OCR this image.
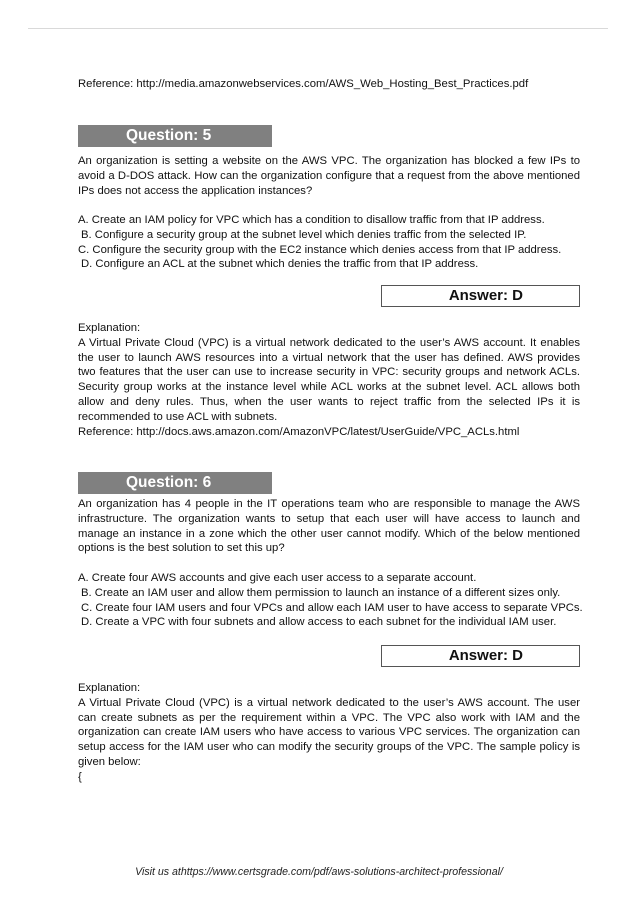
Reference: http://media.amazonwebservices.com/AWS_Web_Hosting_Best_Practices.pdf

Question: 5

An organization is setting a website on the AWS VPC. The organization has blocked a few IPs to avoid a D-DOS attack. How can the organization configure that a request from the above mentioned IPs does not access the application instances?

A. Create an IAM policy for VPC which has a condition to disallow traffic from that IP address.

B. Configure a security group at the subnet level which denies traffic from the selected IP.

C. Configure the security group with the EC2 instance which denies access from that IP address.

D. Configure an ACL at the subnet which denies the traffic from that IP address.

Answer: D

Explanation:

A Virtual Private Cloud (VPC) is a virtual network dedicated to the user’s AWS account. It enables the user to launch AWS resources into a virtual network that the user has defined. AWS provides two features that the user can use to increase security in VPC: security groups and network ACLs. Security group works at the instance level while ACL works at the subnet level. ACL allows both allow and deny rules. Thus, when the user wants to reject traffic from the selected IPs it is recommended to use ACL with subnets.

Reference: http://docs.aws.amazon.com/AmazonVPC/latest/UserGuide/VPC_ACLs.html

Question: 6

An organization has 4 people in the IT operations team who are responsible to manage the AWS infrastructure. The organization wants to setup that each user will have access to launch and manage an instance in a zone which the other user cannot modify. Which of the below mentioned options is the best solution to set this up?

A. Create four AWS accounts and give each user access to a separate account.

B. Create an IAM user and allow them permission to launch an instance of a different sizes only.

C. Create four IAM users and four VPCs and allow each IAM user to have access to separate VPCs.

D. Create a VPC with four subnets and allow access to each subnet for the individual IAM user.

Answer: D

Explanation:

A Virtual Private Cloud (VPC) is a virtual network dedicated to the user’s AWS account. The user can create subnets as per the requirement within a VPC. The VPC also work with IAM and the organization can create IAM users who have access to various VPC services. The organization can setup access for the IAM user who can modify the security groups of the VPC. The sample policy is given below:

{

Visit us athttps://www.certsgrade.com/pdf/aws-solutions-architect-professional/
